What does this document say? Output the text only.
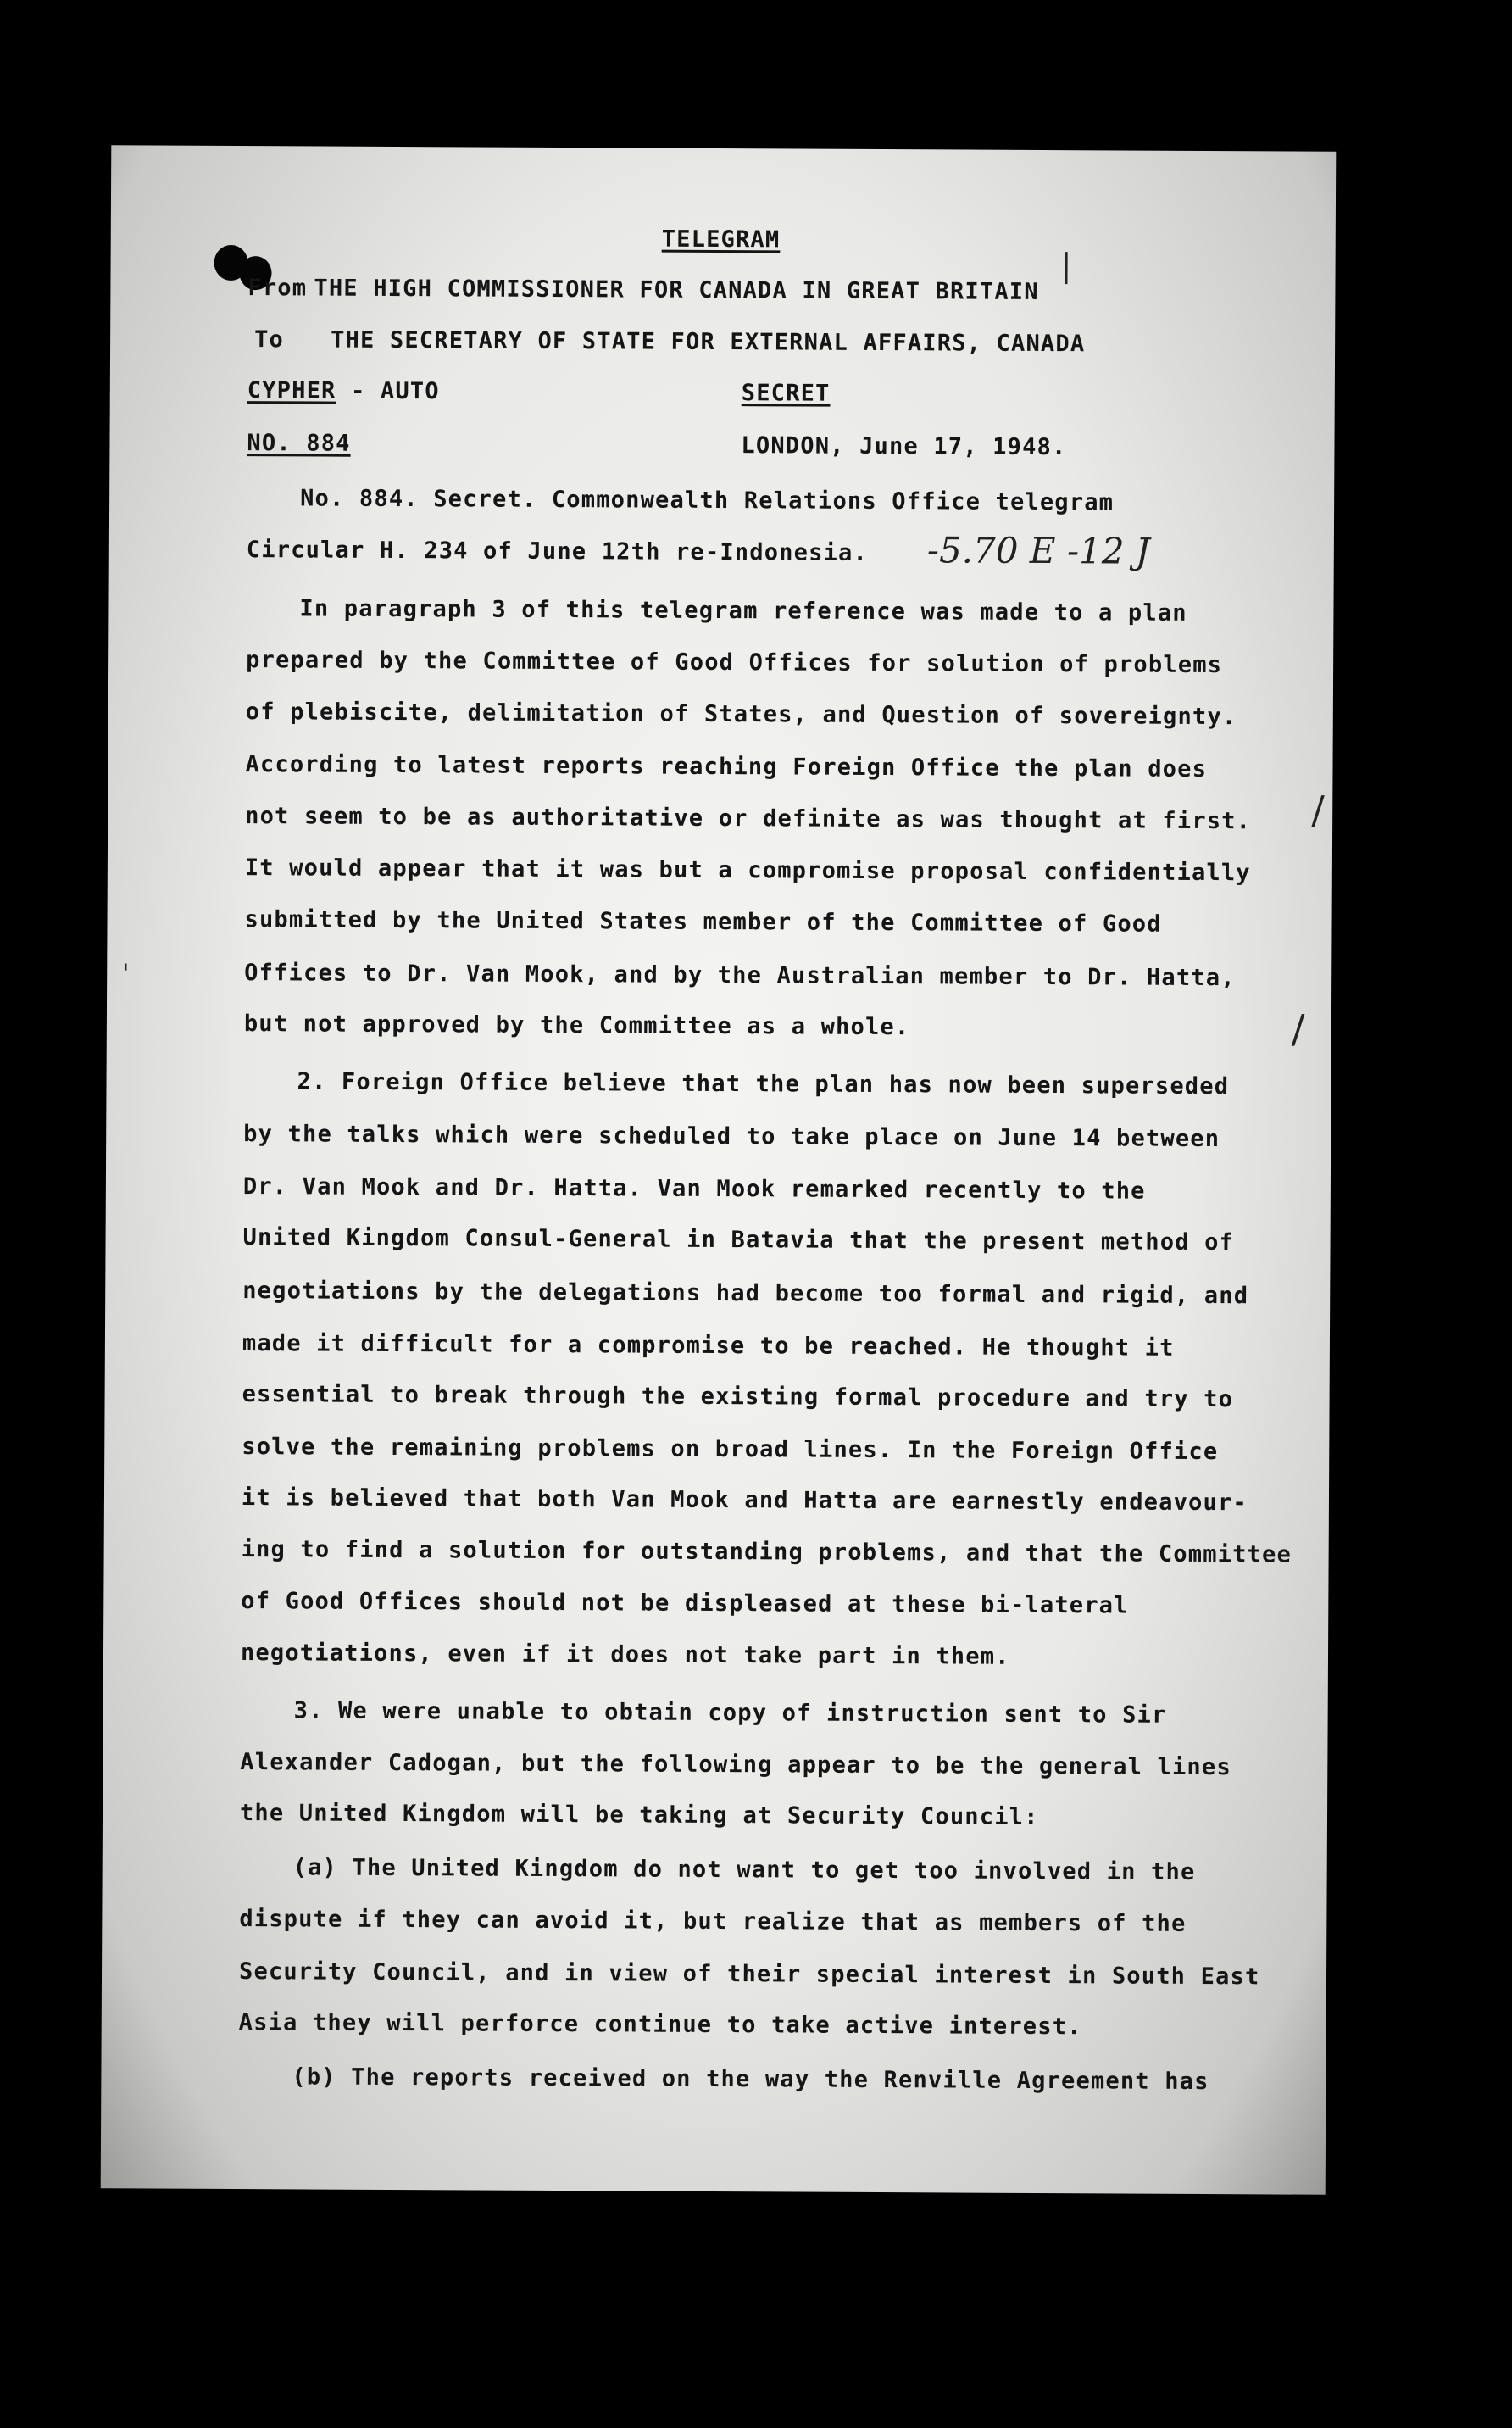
TELEGRAM
From THE HIGH COMMISSIONER FOR CANADA IN GREAT BRITAIN
To THE SECRETARY OF STATE FOR EXTERNAL AFFAIRS, CANADA
CYPHER - AUTO	SECRET
NO. 884	LONDON, June 17, 1948.
No. 884. Secret. Commonwealth Relations Office telegram
Circular H. 234 of June 12th re-Indonesia.
In paragraph 3 of this telegram reference was made to a plan
prepared by the Committee of Good Offices for solution of problems
of plebiscite, delimitation of States, and Question of sovereignty.
According to latest reports reaching Foreign Office the plan does
not seem to be as authoritative or definite as was thought at first.
It would appear that it was but a compromise proposal confidentially
submitted by the United States member of the Committee of Good
Offices to Dr. Van Mook, and by the Australian member to Dr. Hatta,
but not approved by the Committee as a whole.
2. Foreign Office believe that the plan has now been superseded
by the talks which were scheduled to take place on June 14 between
Dr. Van Mook and Dr. Hatta. Van Mook remarked recently to the
United Kingdom Consul-General in Batavia that the present method of
negotiations by the delegations had become too formal and rigid, and
made it difficult for a compromise to be reached. He thought it
essential to break through the existing formal procedure and try to
solve the remaining problems on broad lines. In the Foreign Office
it is believed that both Van Mook and Hatta are earnestly endeavour-
ing to find a solution for outstanding problems, and that the Committee
of Good Offices should not be displeased at these bi-lateral
negotiations, even if it does not take part in them.
3. We were unable to obtain copy of instruction sent to Sir
Alexander Cadogan, but the following appear to be the general lines
the United Kingdom will be taking at Security Council:
(a) The United Kingdom do not want to get too involved in the
dispute if they can avoid it, but realize that as members of the
Security Council, and in view of their special interest in South East
Asia they will perforce continue to take active interest.
(b) The reports received on the way the Renville Agreement has
-5.70 E -12 J
/
/
'
